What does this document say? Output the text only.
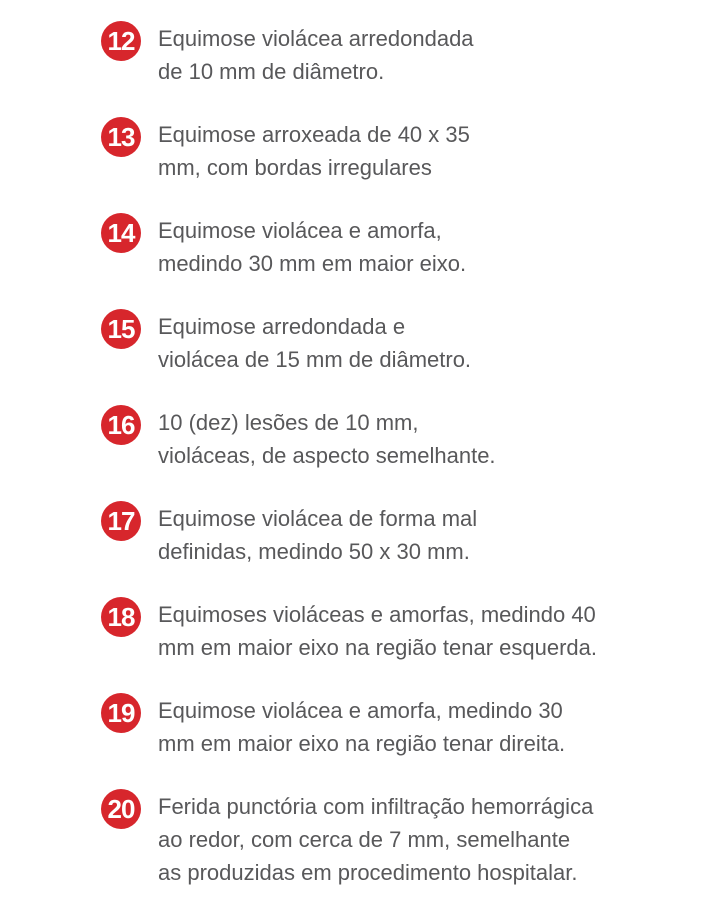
12 Equimose violácea arredondada
de 10 mm de diâmetro.
13 Equimose arroxeada de 40 x 35
mm, com bordas irregulares
14 Equimose violácea e amorfa,
medindo 30 mm em maior eixo.
15 Equimose arredondada e
violácea de 15 mm de diâmetro.
16 10 (dez) lesões de 10 mm,
violáceas, de aspecto semelhante.
17 Equimose violácea de forma mal
definidas, medindo 50 x 30 mm.
18 Equimoses violáceas e amorfas, medindo 40
mm em maior eixo na região tenar esquerda.
19 Equimose violácea e amorfa, medindo 30
mm em maior eixo na região tenar direita.
20 Ferida punctória com infiltração hemorrágica
ao redor, com cerca de 7 mm, semelhante
as produzidas em procedimento hospitalar.
